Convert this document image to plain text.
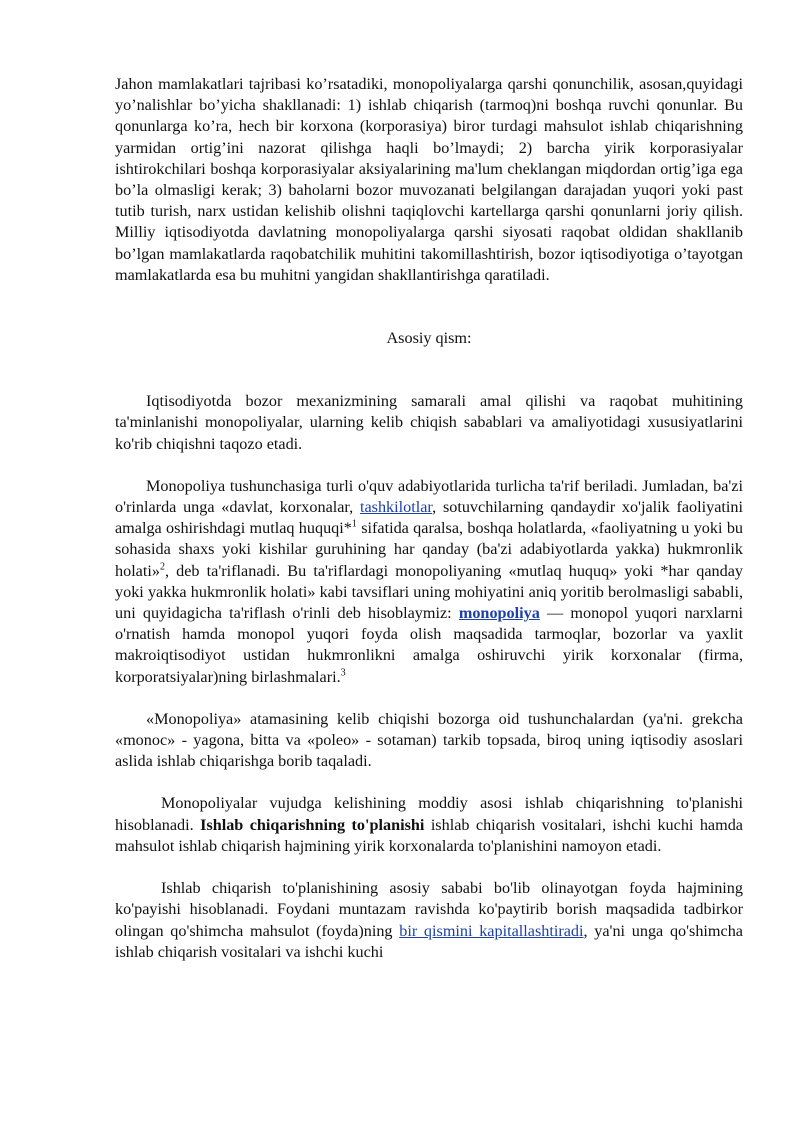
Jahon mamlakatlari tajribasi ko’rsatadiki, monopoliyalarga qarshi qonunchilik, asosan,quyidagi yo’nalishlar bo’yicha shakllanadi: 1) ishlab chiqarish (tarmoq)ni boshqa ruvchi qonunlar. Bu qonunlarga ko’ra, hech bir korxona (korporasiya) biror turdagi mahsulot ishlab chiqarishning yarmidan ortig’ini nazorat qilishga haqli bo’lmaydi; 2) barcha yirik korporasiyalar ishtirokchilari boshqa korporasiyalar aksiyalarining ma'lum cheklangan miqdordan ortig’iga ega bo’la olmasligi kerak; 3) baholarni bozor muvozanati belgilangan darajadan yuqori yoki past tutib turish, narx ustidan kelishib olishni taqiqlovchi kartellarga qarshi qonunlarni joriy qilish. Milliy iqtisodiyotda davlatning monopoliyalarga qarshi siyosati raqobat oldidan shakllanib bo’lgan mamlakatlarda raqobatchilik muhitini takomillashtirish, bozor iqtisodiyotiga o’tayotgan mamlakatlarda esa bu muhitni yangidan shakllantirishga qaratiladi.

Asosiy qism:

Iqtisodiyotda bozor mexanizmining samarali amal qilishi va raqobat muhitining ta'minlanishi monopoliyalar, ularning kelib chiqish sabablari va amaliyotidagi xususiyatlarini ko'rib chiqishni taqozo etadi.

Monopoliya tushunchasiga turli o'quv adabiyotlarida turlicha ta'rif beriladi. Jumladan, ba'zi o'rinlarda unga «davlat, korxonalar, tashkilotlar, sotuvchilarning qandaydir xo'jalik faoliyatini amalga oshirishdagi mutlaq huquqi*$^1$ sifatida qaralsa, boshqa holatlarda, «faoliyatning u yoki bu sohasida shaxs yoki kishilar guruhining har qanday (ba'zi adabiyotlarda yakka) hukmronlik holati»$^2$, deb ta'riflanadi. Bu ta'riflardagi monopoliyaning «mutlaq huquq» yoki *har qanday yoki yakka hukmronlik holati» kabi tavsiflari uning mohiyatini aniq yoritib berolmasligi sababli, uni quyidagicha ta'riflash o'rinli deb hisoblaymiz: monopoliya — monopol yuqori narxlarni o'rnatish hamda monopol yuqori foyda olish maqsadida tarmoqlar, bozorlar va yaxlit makroiqtisodiyot ustidan hukmronlikni amalga oshiruvchi yirik korxonalar (firma, korporatsiyalar)ning birlashmalari.$^3$

«Monopoliya» atamasining kelib chiqishi bozorga oid tushunchalardan (ya'ni. grekcha «monoc» - yagona, bitta va «poleo» - sotaman) tarkib topsada, biroq uning iqtisodiy asoslari aslida ishlab chiqarishga borib taqaladi.

Monopoliyalar vujudga kelishining moddiy asosi ishlab chiqarishning to'planishi hisoblanadi. Ishlab chiqarishning to'planishi ishlab chiqarish vositalari, ishchi kuchi hamda mahsulot ishlab chiqarish hajmining yirik korxonalarda to'planishini namoyon etadi.

Ishlab chiqarish to'planishining asosiy sababi bo'lib olinayotgan foyda hajmining ko'payishi hisoblanadi. Foydani muntazam ravishda ko'paytirib borish maqsadida tadbirkor olingan qo'shimcha mahsulot (foyda)ning bir qismini kapitallashtiradi, ya'ni unga qo'shimcha ishlab chiqarish vositalari va ishchi kuchi
